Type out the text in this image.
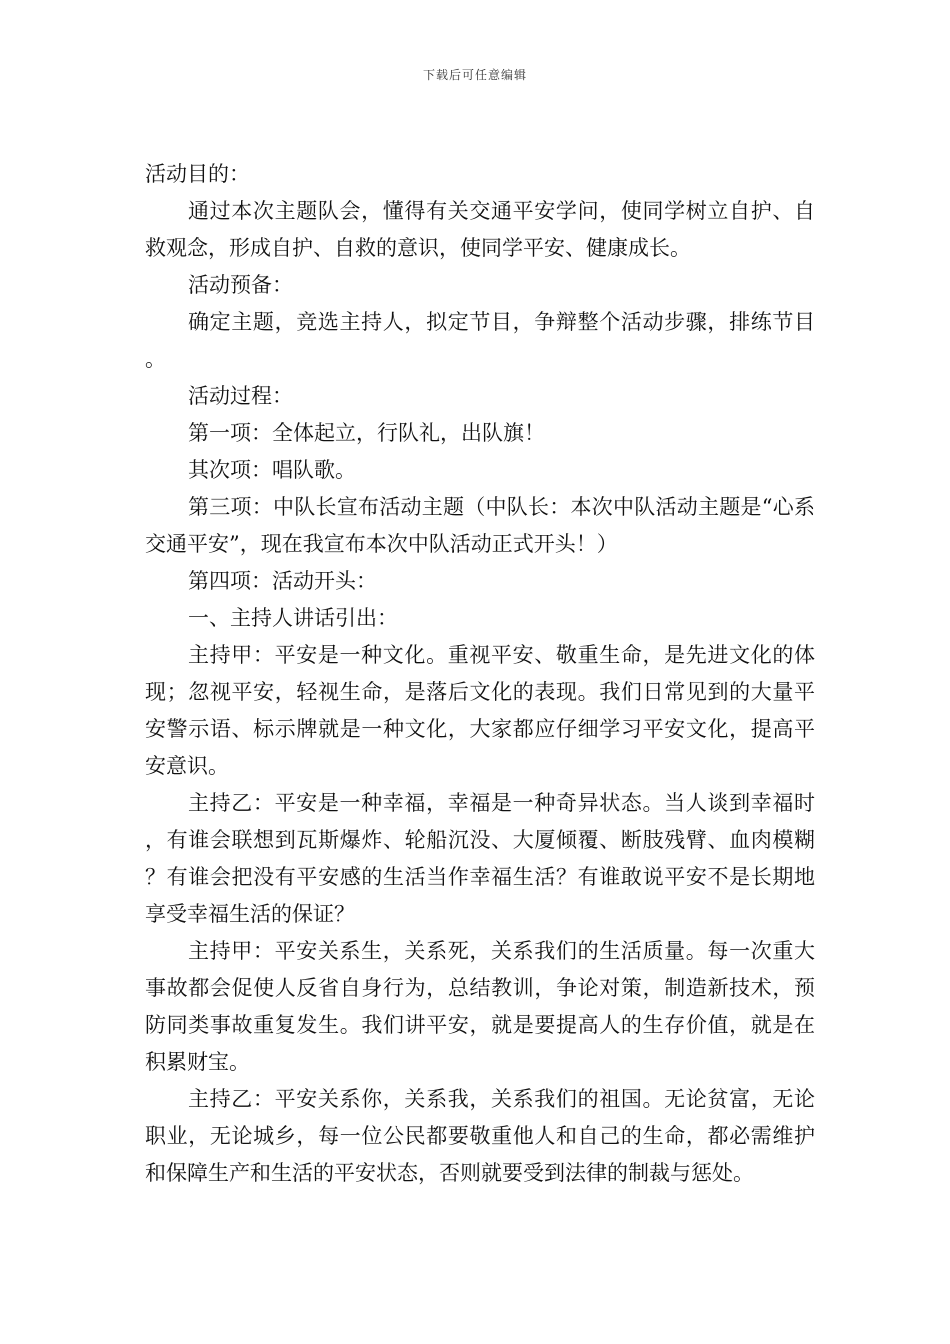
下载后可任意编辑

活动目的：

通过本次主题队会，懂得有关交通平安学问，使同学树立自护、自救观念，形成自护、自救的意识，使同学平安、健康成长。

活动预备：

确定主题，竞选主持人，拟定节目，争辩整个活动步骤，排练节目。

活动过程：

第一项：全体起立，行队礼，出队旗！

其次项：唱队歌。

第三项：中队长宣布活动主题（中队长：本次中队活动主题是“心系交通平安”，现在我宣布本次中队活动正式开头！）

第四项：活动开头：

一、主持人讲话引出：

主持甲：平安是一种文化。重视平安、敬重生命，是先进文化的体现；忽视平安，轻视生命，是落后文化的表现。我们日常见到的大量平安警示语、标示牌就是一种文化，大家都应仔细学习平安文化，提高平安意识。

主持乙：平安是一种幸福，幸福是一种奇异状态。当人谈到幸福时，有谁会联想到瓦斯爆炸、轮船沉没、大厦倾覆、断肢残臂、血肉模糊？有谁会把没有平安感的生活当作幸福生活？有谁敢说平安不是长期地享受幸福生活的保证？

主持甲：平安关系生，关系死，关系我们的生活质量。每一次重大事故都会促使人反省自身行为，总结教训，争论对策，制造新技术，预防同类事故重复发生。我们讲平安，就是要提高人的生存价值，就是在积累财宝。

主持乙：平安关系你，关系我，关系我们的祖国。无论贫富，无论职业，无论城乡，每一位公民都要敬重他人和自己的生命，都必需维护和保障生产和生活的平安状态，否则就要受到法律的制裁与惩处。
